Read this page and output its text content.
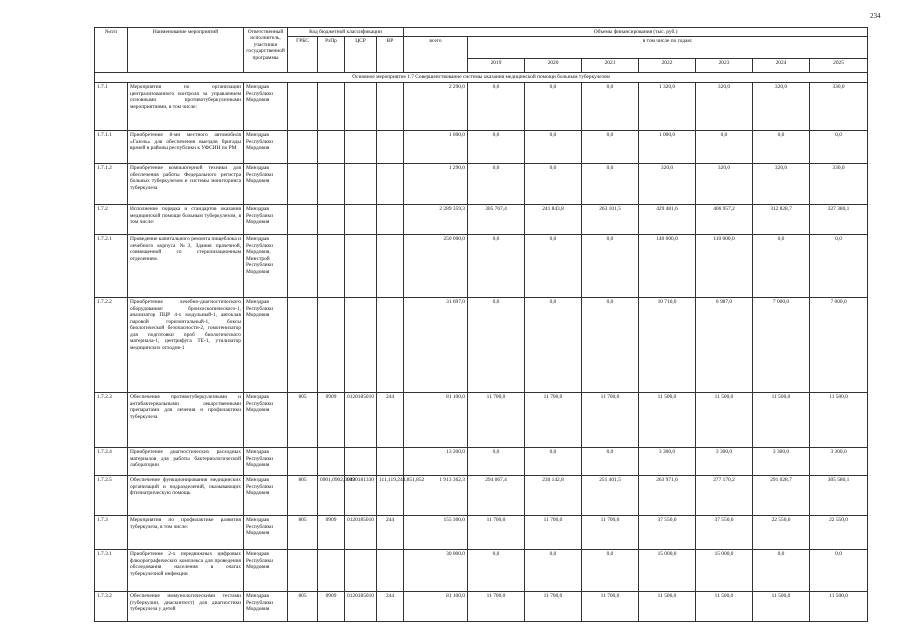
234
№п/п	Наименование мероприятий	Ответственный исполнитель, участники государственной программы	Код бюджетной классификации				Объемы финансирования (тыс. руб.)							
			ГРБС	РзПр	ЦСР	ВР	всего	в том числе по годам:						
								2019	2020	2021	2022	2023	2024	2025
Основное мероприятие 1.7 Совершенствование системы оказания медицинской помощи больным туберкулезом														
1.7.1	Мероприятия по организации централизованного контроля за управлением основными противотуберкулезными мероприятиями, в том числе:	Минздрав Республики Мордовия					2 290,0	0,0	0,0	0,0	1 320,0	320,0	320,0	330,0
1.7.1.1	Приобретение 8-ми местного автомобиля «Газель» для обеспечения выездов бригады врачей в районы республики к УФСИН по РМ	Минздрав Республики Мордовия					1 000,0	0,0	0,0	0,0	1 000,0	0,0	0,0	0,0
1.7.1.2	Приобретение компьютерной техники для обеспечения работы Федерального регистра больных туберкулезом и системы мониторинга туберкулеза	Минздрав Республики Мордовия					1 290,0	0,0	0,0	0,0	320,0	320,0	320,0	330,0
1.7.2	Исполнение порядка и стандартов оказания медицинской помощи больным туберкулезом, в том числе:	Минздрав Республики Мордовия					2 289 359,3	305 767,4	241 843,8	263 101,5	429 481,6	406 957,2	312 828,7	327 380,1
1.7.2.1	Проведение капитального ремонта пищеблока и лечебного корпуса №3, Здания прачечной, совмещенной со стерилизационным отделением.	Минздрав Республики Мордовия, Минстрой Республики Мордовия					250 000,0	0,0	0,0	0,0	140 000,0	110 000,0	0,0	0,0
1.7.2.2	Приобретение лечебно-диагностического оборудования: бронхоскопического-1, анализатор ПЦР 4-х модульный-1, автоклав паровой горизонтальный-1, боксы биологической безопасности-2, гомогенизатор для подготовки проб биологического материала-1, центрифуга ТЕ-1, утилизатор медицинских отходов-1	Минздрав Республики Мордовия					31 697,0	0,0	0,0	0,0	10 710,0	6 987,0	7 000,0	7 000,0
1.7.2.3	Обеспечение противотуберкулезными и антибактериальными лекарственными препаратами для лечения и профилактики туберкулеза	Минздрав Республики Мордовия	805	0909	0120185010	244	81 100,0	11 700,0	11 700,0	11 700,0	11 500,0	11 500,0	11 500,0	11 500,0
1.7.2.4	Приобретение диагностических расходных материалов для работы бактериологической лаборатории	Минздрав Республики Мордовия					13 200,0	0,0	0,0	0,0	3 300,0	3 300,0	3 300,0	3 300,0
1.7.2.5	Обеспечение функционирования медицинских организаций и подразделений, оказывающих фтизиатрическую помощь	Минздрав Республики Мордовия	805	0901,0902,0909	0120181330	111,119,244,851,852	1 913 362,3	294 067,4	230 142,8	251 401,5	263 971,6	277 170,2	291 028,7	305 580,1
1.7.3	Мероприятия по профилактике развития туберкулеза, в том числе:	Минздрав Республики Мордовия	805	0909	0120185010	244	155 300,0	11 700,0	11 700,0	11 700,0	37 550,0	37 550,0	22 550,0	22 550,0
1.7.3.1	Приобретение 2-х передвижных цифровых флюорографических комплекса для проведения обследования населения в очагах туберкулезной инфекции	Минздрав Республики Мордовия					30 000,0	0,0	0,0	0,0	15 000,0	15 000,0	0,0	0,0
1.7.3.2	Обеспечение иммунологическими тестами (туберкулин, диаскинтест) для диагностики туберкулеза у детей	Минздрав Республики Мордовия	805	0909	0120185010	244	81 100,0	11 700,0	11 700,0	11 700,0	11 500,0	11 500,0	11 500,0	11 500,0
